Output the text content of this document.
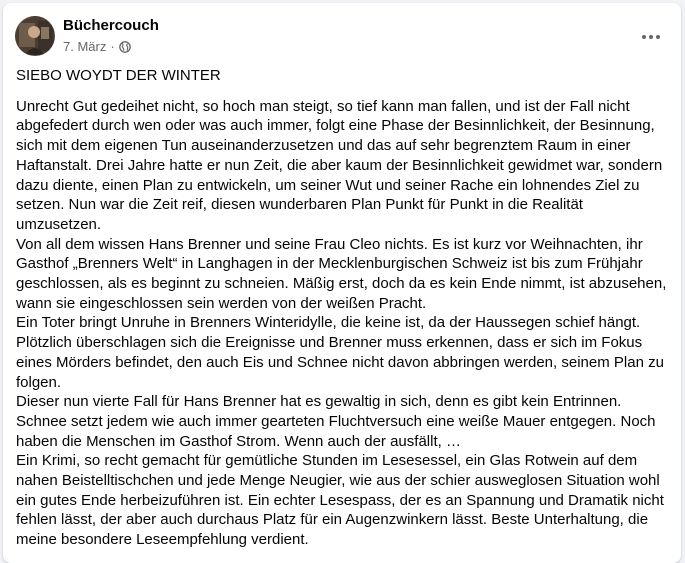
Büchercouch
7. März ·

SIEBO WOYDT DER WINTER

Unrecht Gut gedeihet nicht, so hoch man steigt, so tief kann man fallen, und ist der Fall nicht abgefedert durch wen oder was auch immer, folgt eine Phase der Besinnlichkeit, der Besinnung, sich mit dem eigenen Tun auseinanderzusetzen und das auf sehr begrenztem Raum in einer Haftanstalt. Drei Jahre hatte er nun Zeit, die aber kaum der Besinnlichkeit gewidmet war, sondern dazu diente, einen Plan zu entwickeln, um seiner Wut und seiner Rache ein lohnendes Ziel zu setzen. Nun war die Zeit reif, diesen wunderbaren Plan Punkt für Punkt in die Realität umzusetzen.

Von all dem wissen Hans Brenner und seine Frau Cleo nichts. Es ist kurz vor Weihnachten, ihr Gasthof „Brenners Welt“ in Langhagen in der Mecklenburgischen Schweiz ist bis zum Frühjahr geschlossen, als es beginnt zu schneien. Mäßig erst, doch da es kein Ende nimmt, ist abzusehen, wann sie eingeschlossen sein werden von der weißen Pracht.

Ein Toter bringt Unruhe in Brenners Winteridylle, die keine ist, da der Haussegen schief hängt. Plötzlich überschlagen sich die Ereignisse und Brenner muss erkennen, dass er sich im Fokus eines Mörders befindet, den auch Eis und Schnee nicht davon abbringen werden, seinem Plan zu folgen.

Dieser nun vierte Fall für Hans Brenner hat es gewaltig in sich, denn es gibt kein Entrinnen. Schnee setzt jedem wie auch immer gearteten Fluchtversuch eine weiße Mauer entgegen. Noch haben die Menschen im Gasthof Strom. Wenn auch der ausfällt, …

Ein Krimi, so recht gemacht für gemütliche Stunden im Lesesessel, ein Glas Rotwein auf dem nahen Beistelltischchen und jede Menge Neugier, wie aus der schier ausweglosen Situation wohl ein gutes Ende herbeizuführen ist. Ein echter Lesespass, der es an Spannung und Dramatik nicht fehlen lässt, der aber auch durchaus Platz für ein Augenzwinkern lässt. Beste Unterhaltung, die meine besondere Leseempfehlung verdient.
